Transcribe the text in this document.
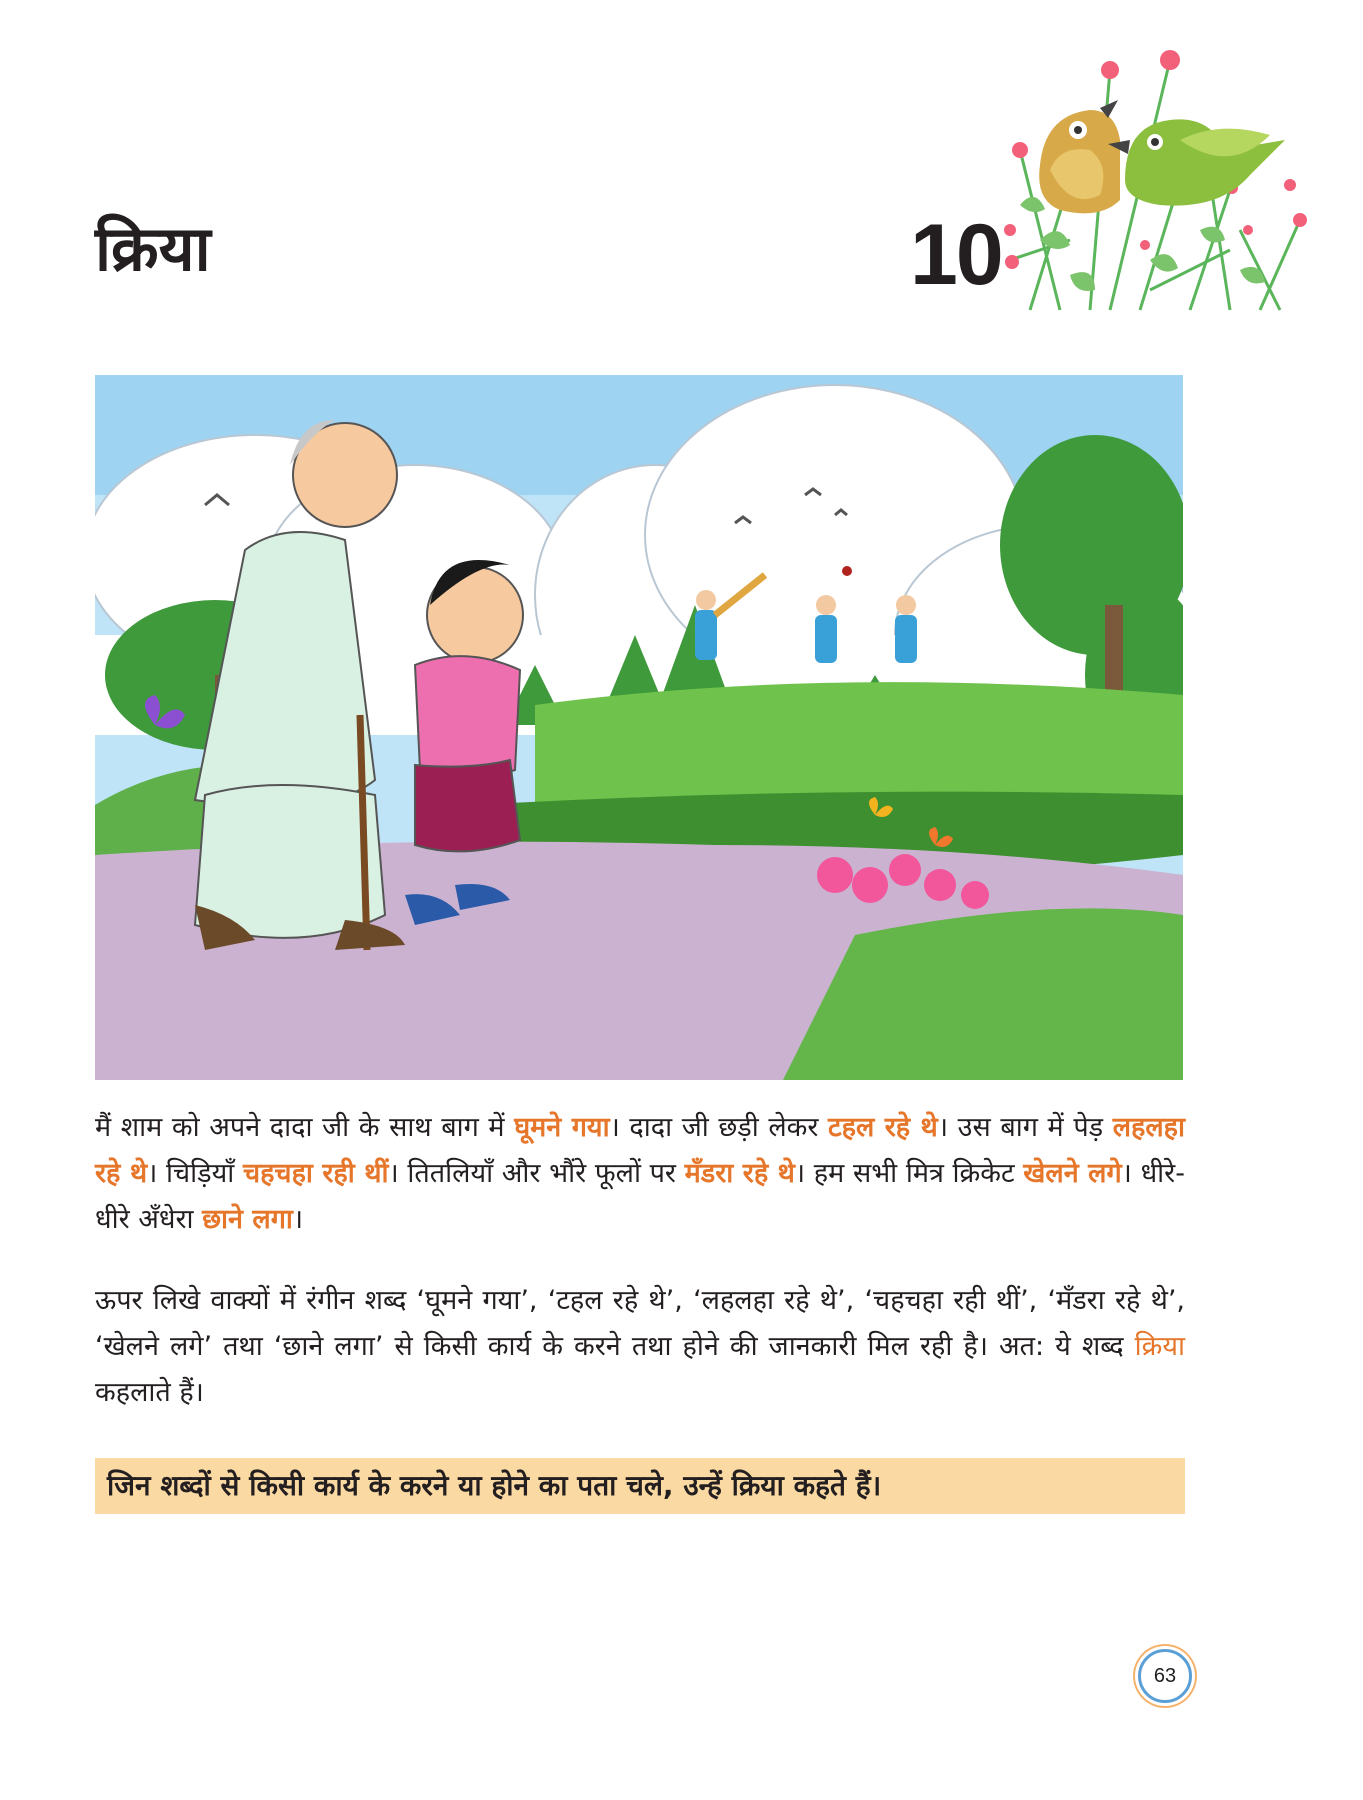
क्रिया	10

मैं शाम को अपने दादा जी के साथ बाग में घूमने गया। दादा जी छड़ी लेकर टहल रहे थे। उस बाग में पेड़ लहलहा रहे थे। चिड़ियाँ चहचहा रही थीं। तितलियाँ और भौंरे फूलों पर मँडरा रहे थे। हम सभी मित्र क्रिकेट खेलने लगे। धीरे-धीरे अँधेरा छाने लगा।

ऊपर लिखे वाक्यों में रंगीन शब्द ‘घूमने गया’, ‘टहल रहे थे’, ‘लहलहा रहे थे’, ‘चहचहा रही थीं’, ‘मँडरा रहे थे’, ‘खेलने लगे’ तथा ‘छाने लगा’ से किसी कार्य के करने तथा होने की जानकारी मिल रही है। अत: ये शब्द क्रिया कहलाते हैं।

जिन शब्दों से किसी कार्य के करने या होने का पता चले, उन्हें क्रिया कहते हैं।
63
